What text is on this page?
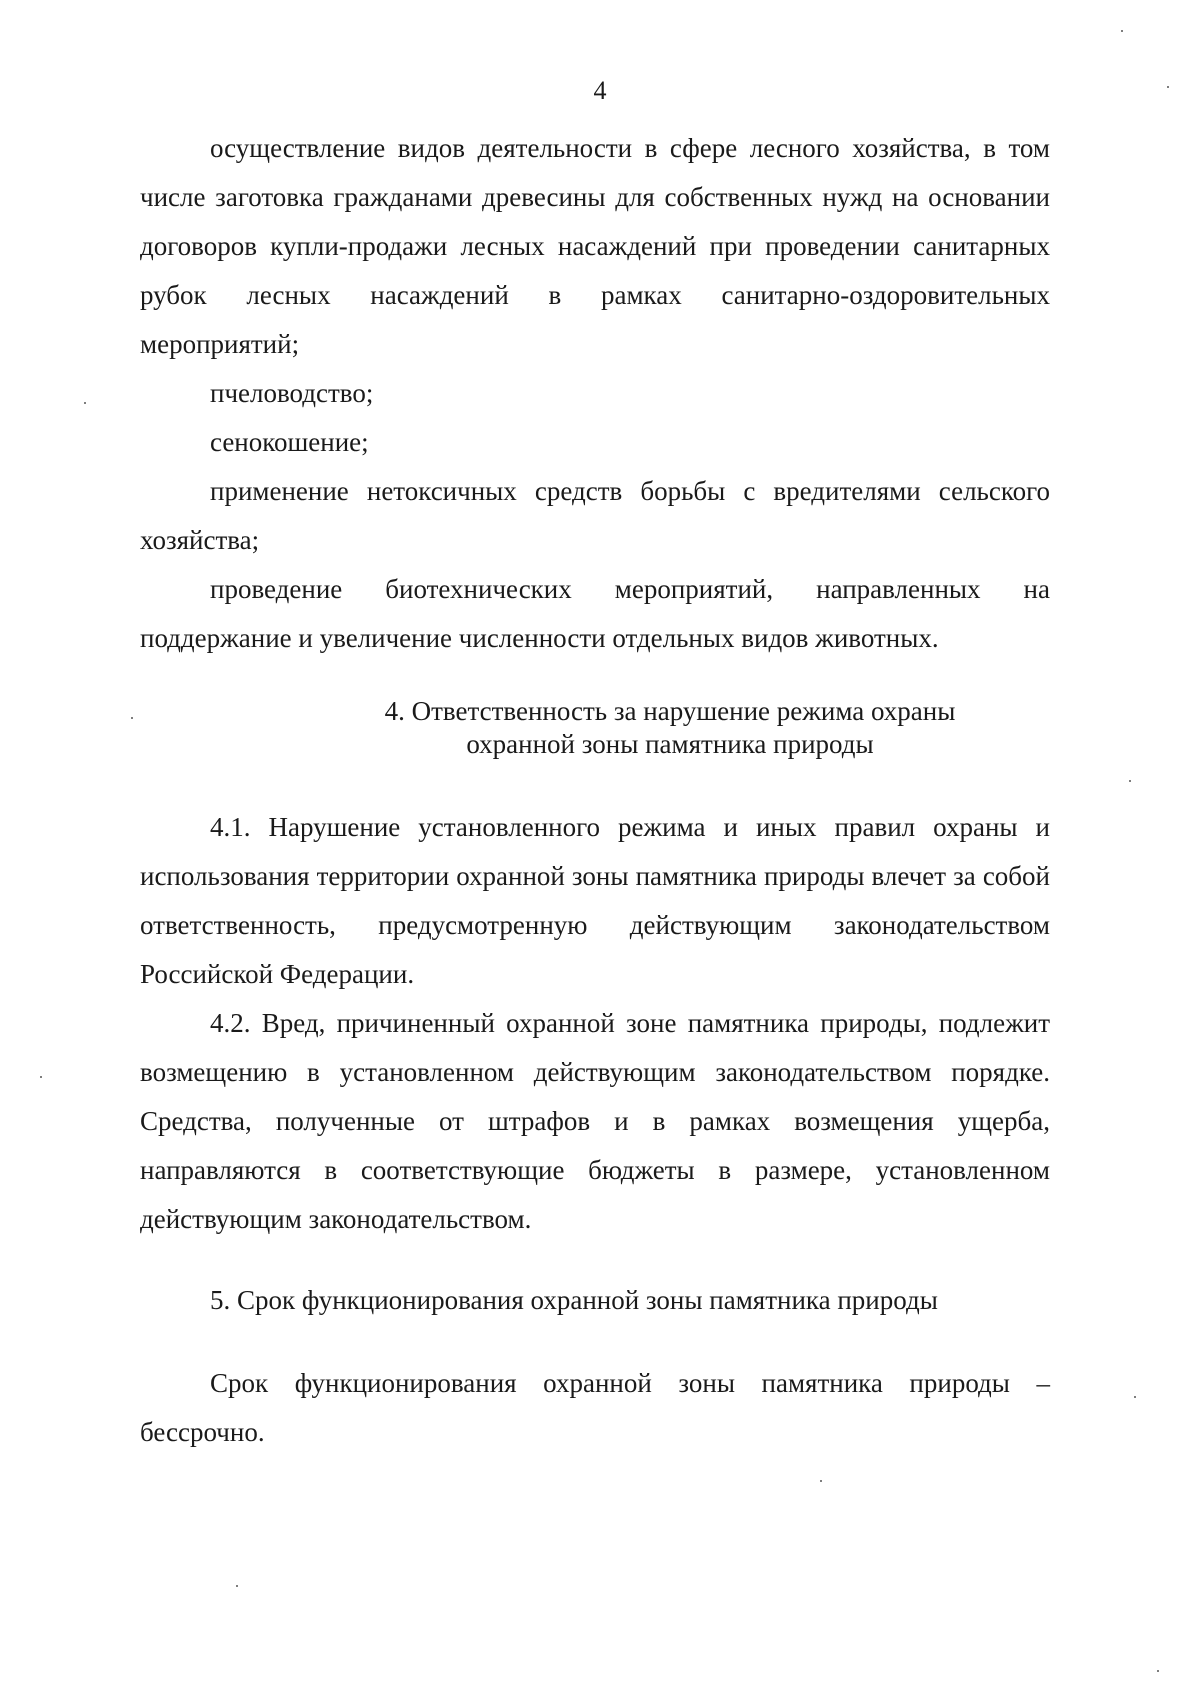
4

осуществление видов деятельности в сфере лесного хозяйства, в том числе заготовка гражданами древесины для собственных нужд на основании договоров купли-продажи лесных насаждений при проведении санитарных рубок лесных насаждений в рамках санитарно-оздоровительных мероприятий;

пчеловодство;

сенокошение;

применение нетоксичных средств борьбы с вредителями сельского хозяйства;

проведение биотехнических мероприятий, направленных на поддержание и увеличение численности отдельных видов животных.

4. Ответственность за нарушение режима охраны
охранной зоны памятника природы

4.1. Нарушение установленного режима и иных правил охраны и использования территории охранной зоны памятника природы влечет за собой ответственность, предусмотренную действующим законодательством Российской Федерации.

4.2. Вред, причиненный охранной зоне памятника природы, подлежит возмещению в установленном действующим законодательством порядке. Средства, полученные от штрафов и в рамках возмещения ущерба, направляются в соответствующие бюджеты в размере, установленном действующим законодательством.

5. Срок функционирования охранной зоны памятника природы

Срок функционирования охранной зоны памятника природы – бессрочно.
